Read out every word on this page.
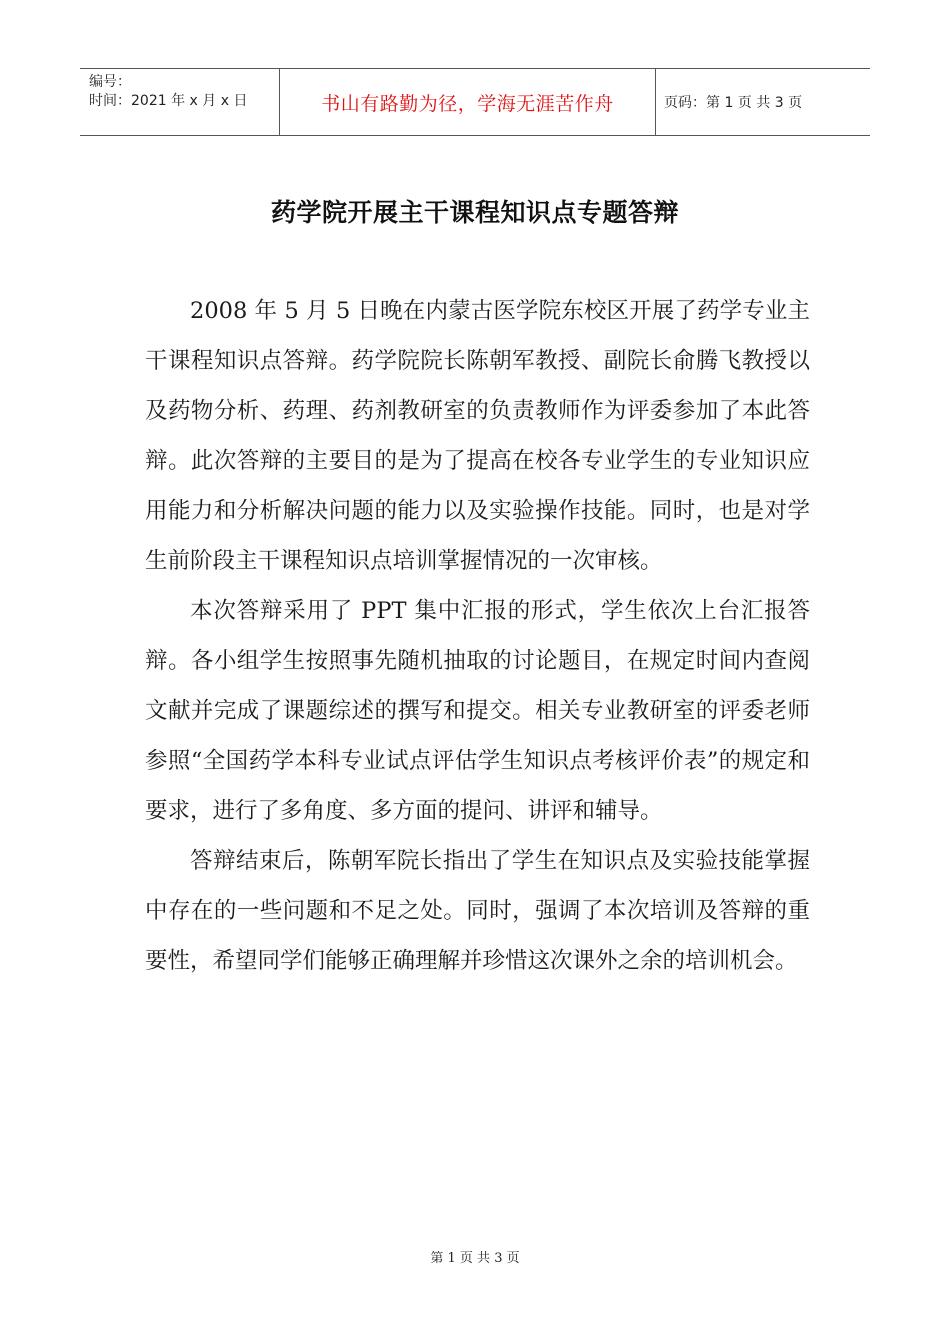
编号：
时间：2021 年 x 月 x 日	书山有路勤为径，学海无涯苦作舟	页码：第 1 页 共 3 页
药学院开展主干课程知识点专题答辩

2008 年 5 月 5 日晚在内蒙古医学院东校区开展了药学专业主干课程知识点答辩。药学院院长陈朝军教授、副院长俞腾飞教授以及药物分析、药理、药剂教研室的负责教师作为评委参加了本此答辩。此次答辩的主要目的是为了提高在校各专业学生的专业知识应用能力和分析解决问题的能力以及实验操作技能。同时，也是对学生前阶段主干课程知识点培训掌握情况的一次审核。

本次答辩采用了 PPT 集中汇报的形式，学生依次上台汇报答辩。各小组学生按照事先随机抽取的讨论题目，在规定时间内查阅文献并完成了课题综述的撰写和提交。相关专业教研室的评委老师参照“全国药学本科专业试点评估学生知识点考核评价表”的规定和要求，进行了多角度、多方面的提问、讲评和辅导。

答辩结束后，陈朝军院长指出了学生在知识点及实验技能掌握中存在的一些问题和不足之处。同时，强调了本次培训及答辩的重要性，希望同学们能够正确理解并珍惜这次课外之余的培训机会。

第 1 页 共 3 页
